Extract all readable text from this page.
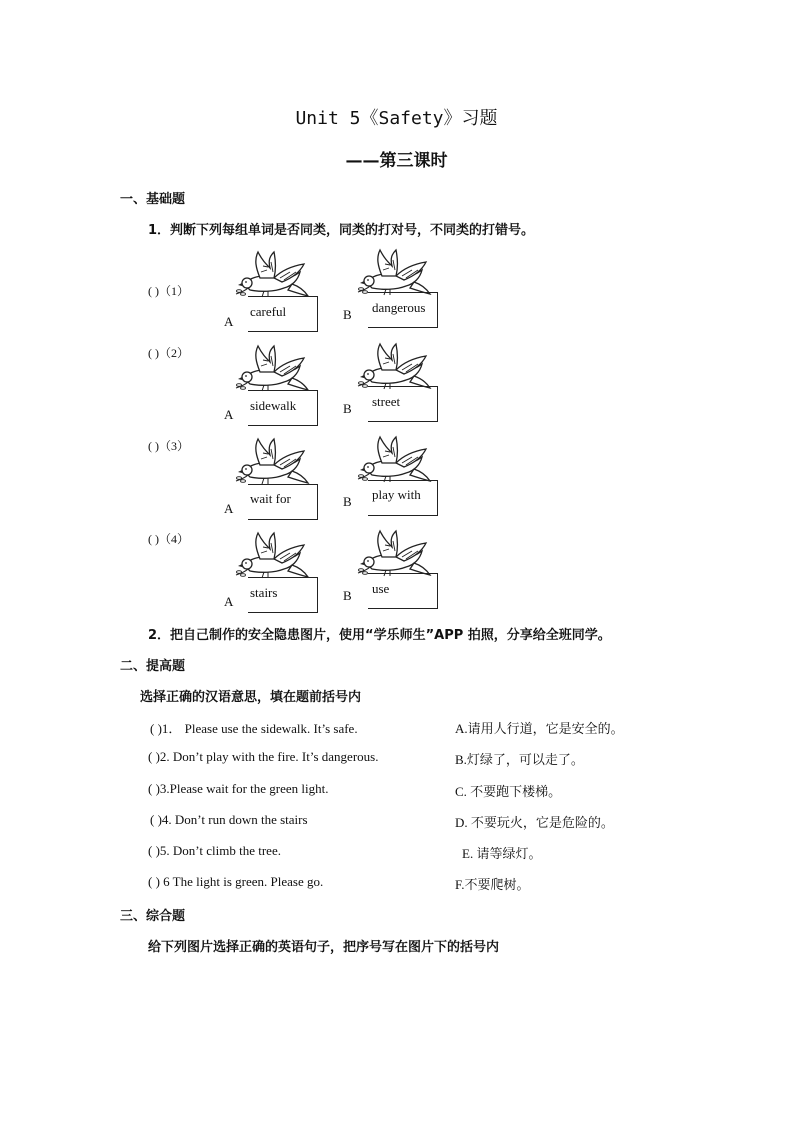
Unit 5《Safety》习题
——第三课时
一、基础题
1．判断下列每组单词是否同类，同类的打对号，不同类的打错号。
( )（1）
careful
A
dangerous
B
( )（2）
sidewalk
A
street
B
( )（3）
wait for
A
play with
B
( )（4）
stairs
A
use
B
2．把自己制作的安全隐患图片，使用“学乐师生”APP 拍照，分享给全班同学。
二、提高题
选择正确的汉语意思，填在题前括号内
( )1． Please use the sidewalk. It’s safe.	A.请用人行道，它是安全的。
( )2. Don’t play with the fire. It’s dangerous.	B.灯绿了，可以走了。
( )3.Please wait for the green light.	C. 不要跑下楼梯。
( )4. Don’t run down the stairs	D. 不要玩火，它是危险的。
( )5. Don’t climb the tree.	E. 请等绿灯。
( ) 6 The light is green. Please go.	F.不要爬树。
三、综合题
给下列图片选择正确的英语句子，把序号写在图片下的括号内
